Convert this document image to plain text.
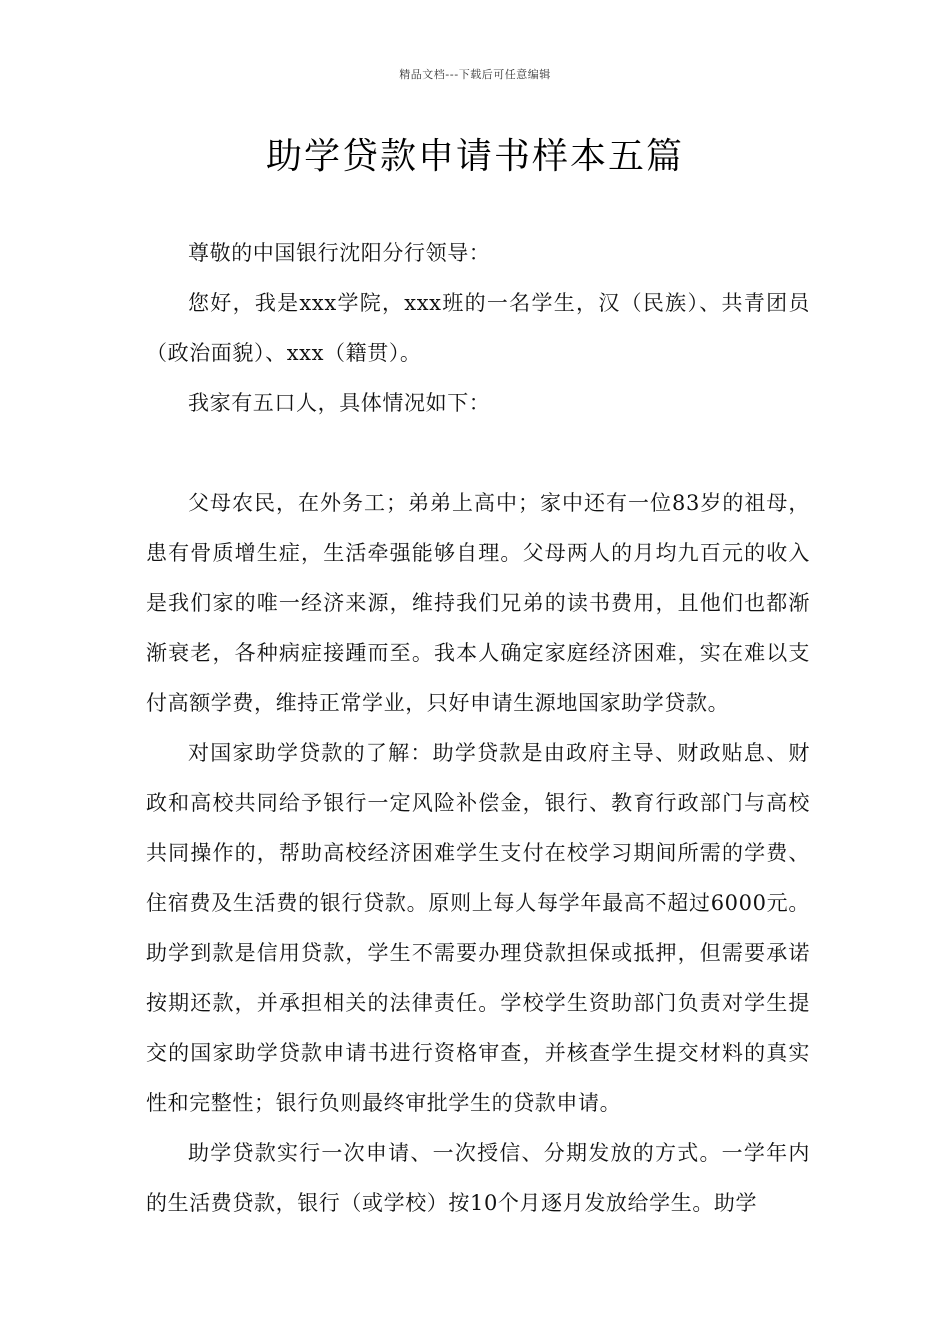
精品文档---下载后可任意编辑
助学贷款申请书样本五篇

尊敬的中国银行沈阳分行领导：

您好，我是xxx学院，xxx班的一名学生，汉（民族）、共青团员 （政治面貌）、xxx（籍贯）。

我家有五口人，具体情况如下：

父母农民，在外务工；弟弟上高中；家中还有一位83岁的祖母，患有骨质增生症，生活牵强能够自理。父母两人的月均九百元的收入是我们家的唯一经济来源，维持我们兄弟的读书费用，且他们也都渐渐衰老，各种病症接踵而至。我本人确定家庭经济困难，实在难以支付高额学费，维持正常学业，只好申请生源地国家助学贷款。

对国家助学贷款的了解：助学贷款是由政府主导、财政贴息、财政和高校共同给予银行一定风险补偿金，银行、教育行政部门与高校共同操作的，帮助高校经济困难学生支付在校学习期间所需的学费、住宿费及生活费的银行贷款。原则上每人每学年最高不超过6000元。助学到款是信用贷款，学生不需要办理贷款担保或抵押，但需要承诺按期还款，并承担相关的法律责任。学校学生资助部门负责对学生提交的国家助学贷款申请书进行资格审查，并核查学生提交材料的真实性和完整性；银行负则最终审批学生的贷款申请。

助学贷款实行一次申请、一次授信、分期发放的方式。一学年内的生活费贷款，银行（或学校）按10个月逐月发放给学生。助学
